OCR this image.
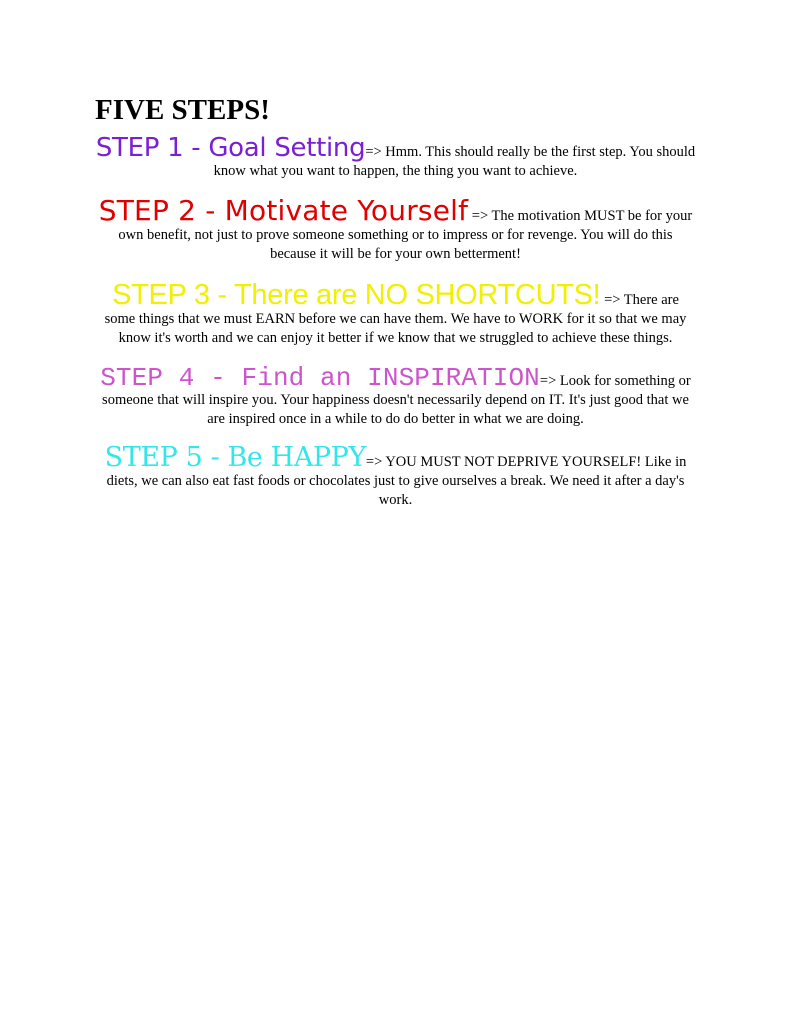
FIVE STEPS!
STEP 1 - Goal Setting=> Hmm. This should really be the first step. You should know what you want to happen, the thing you want to achieve.
STEP 2 - Motivate Yourself => The motivation MUST be for your own benefit, not just to prove someone something or to impress or for revenge. You will do this because it will be for your own betterment!
STEP 3 - There are NO SHORTCUTS! => There are some things that we must EARN before we can have them. We have to WORK for it so that we may know it's worth and we can enjoy it better if we know that we struggled to achieve these things.
STEP 4 - Find an INSPIRATION=> Look for something or someone that will inspire you. Your happiness doesn't necessarily depend on IT. It's just good that we are inspired once in a while to do do better in what we are doing.
STEP 5 - Be HAPPY=> YOU MUST NOT DEPRIVE YOURSELF! Like in diets, we can also eat fast foods or chocolates just to give ourselves a break. We need it after a day's work.
